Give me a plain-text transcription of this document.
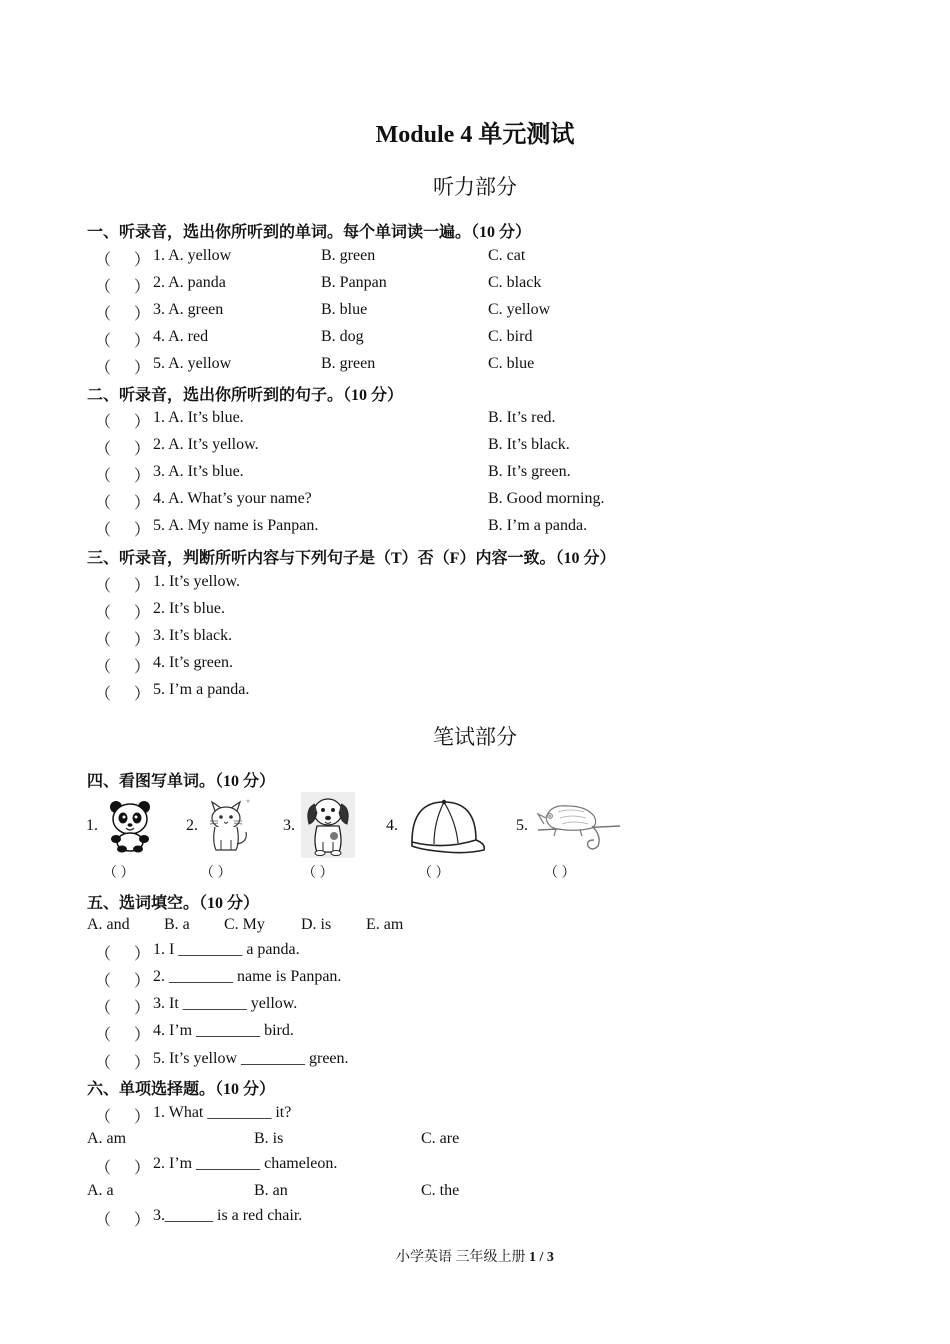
Module 4 单元测试
听力部分
一、听录音，选出你所听到的单词。每个单词读一遍。（10 分）
（ ） 1. A. yellow	B. green	C. cat
（ ） 2. A. panda	B. Panpan	C. black
（ ） 3. A. green	B. blue	C. yellow
（ ） 4. A. red	B. dog	C. bird
（ ） 5. A. yellow	B. green	C. blue
二、听录音，选出你所听到的句子。（10 分）
（ ） 1. A. It’s blue.	B. It’s red.
（ ） 2. A. It’s yellow.	B. It’s black.
（ ） 3. A. It’s blue.	B. It’s green.
（ ） 4. A. What’s your name?	B. Good morning.
（ ） 5. A. My name is Panpan.	B. I’m a panda.
三、听录音，判断所听内容与下列句子是（T）否（F）内容一致。（10 分）
（ ） 1. It’s yellow.
（ ） 2. It’s blue.
（ ） 3. It’s black.
（ ） 4. It’s green.
（ ） 5. I’m a panda.
笔试部分
四、看图写单词。（10 分）
1.	2.	3.	4.	5.
（ ）	（ ）	（ ）	（ ）	（ ）
五、选词填空。（10 分）
A. and B. a C. My D. is E. am
（ ） 1. I ________ a panda.
（ ） 2. ________ name is Panpan.
（ ） 3. It ________ yellow.
（ ） 4. I’m ________ bird.
（ ） 5. It’s yellow ________ green.
六、单项选择题。（10 分）
（ ） 1. What ________ it?
A. am	B. is	C. are
（ ） 2. I’m ________ chameleon.
A. a	B. an	C. the
（ ） 3.______ is a red chair.
小学英语 三年级上册 1 / 3
